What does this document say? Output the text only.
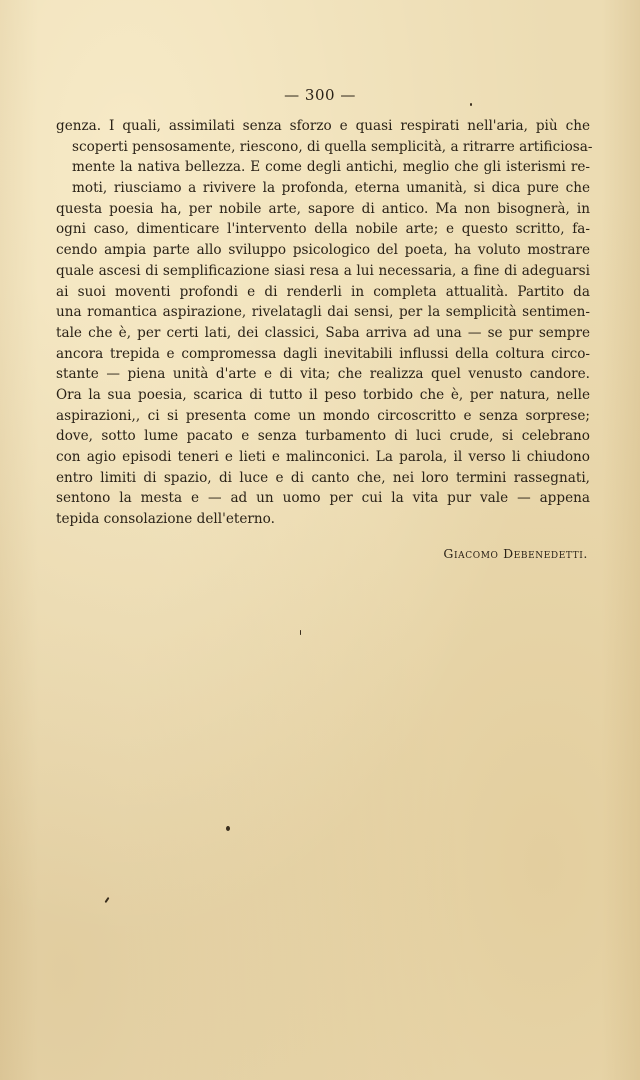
— 300 —
genza. I quali, assimilati senza sforzo e quasi respirati nell'aria, più che
scoperti pensosamente, riescono, di quella semplicità, a ritrarre artificiosa-
mente la nativa bellezza. E come degli antichi, meglio che gli isterismi re-
moti, riusciamo a rivivere la profonda, eterna umanità, si dica pure che
questa poesia ha, per nobile arte, sapore di antico. Ma non bisognerà, in
ogni caso, dimenticare l'intervento della nobile arte; e questo scritto, fa-
cendo ampia parte allo sviluppo psicologico del poeta, ha voluto mostrare
quale ascesi di semplificazione siasi resa a lui necessaria, a fine di adeguarsi
ai suoi moventi profondi e di renderli in completa attualità. Partito da
una romantica aspirazione, rivelatagli dai sensi, per la semplicità sentimen-
tale che è, per certi lati, dei classici, Saba arriva ad una — se pur sempre
ancora trepida e compromessa dagli inevitabili influssi della coltura circo-
stante — piena unità d'arte e di vita; che realizza quel venusto candore.
Ora la sua poesia, scarica di tutto il peso torbido che è, per natura, nelle
aspirazioni,, ci si presenta come un mondo circoscritto e senza sorprese;
dove, sotto lume pacato e senza turbamento di luci crude, si celebrano
con agio episodi teneri e lieti e malinconici. La parola, il verso li chiudono
entro limiti di spazio, di luce e di canto che, nei loro termini rassegnati,
sentono la mesta e — ad un uomo per cui la vita pur vale — appena
tepida consolazione dell'eterno.
Giacomo Debenedetti.
